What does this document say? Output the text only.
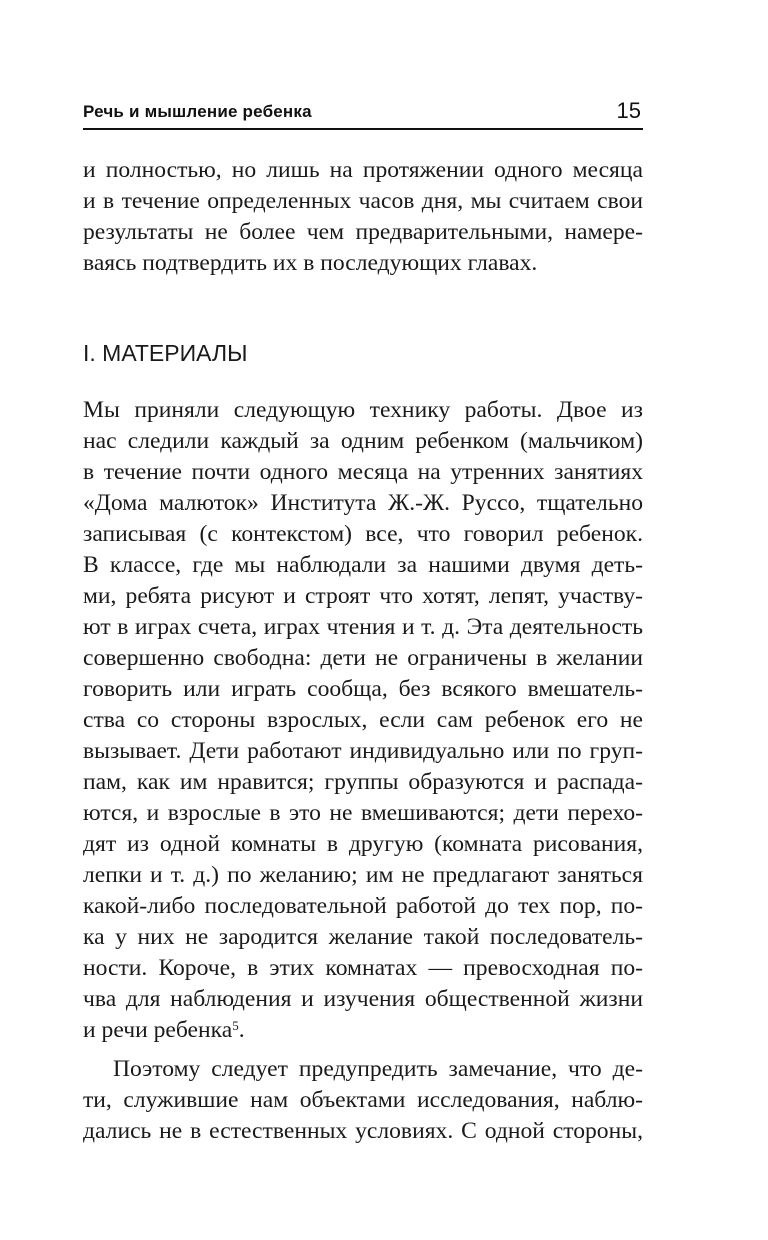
Речь и мышление ребенка	15
и полностью, но лишь на протяжении одного месяца
и в течение определенных часов дня, мы считаем свои
результаты не более чем предварительными, намере-
ваясь подтвердить их в последующих главах.
I. МАТЕРИАЛЫ
Мы приняли следующую технику работы. Двое из
нас следили каждый за одним ребенком (мальчиком)
в течение почти одного месяца на утренних занятиях
«Дома малюток» Института Ж.-Ж. Руссо, тщательно
записывая (с контекстом) все, что говорил ребенок.
В классе, где мы наблюдали за нашими двумя деть-
ми, ребята рисуют и строят что хотят, лепят, участву-
ют в играх счета, играх чтения и т. д. Эта деятельность
совершенно свободна: дети не ограничены в желании
говорить или играть сообща, без всякого вмешатель-
ства со стороны взрослых, если сам ребенок его не
вызывает. Дети работают индивидуально или по груп-
пам, как им нравится; группы образуются и распада-
ются, и взрослые в это не вмешиваются; дети перехо-
дят из одной комнаты в другую (комната рисования,
лепки и т. д.) по желанию; им не предлагают заняться
какой-либо последовательной работой до тех пор, по-
ка у них не зародится желание такой последователь-
ности. Короче, в этих комнатах — превосходная по-
чва для наблюдения и изучения общественной жизни
и речи ребенка$^5$.
Поэтому следует предупредить замечание, что де-
ти, служившие нам объектами исследования, наблю-
дались не в естественных условиях. С одной стороны,
